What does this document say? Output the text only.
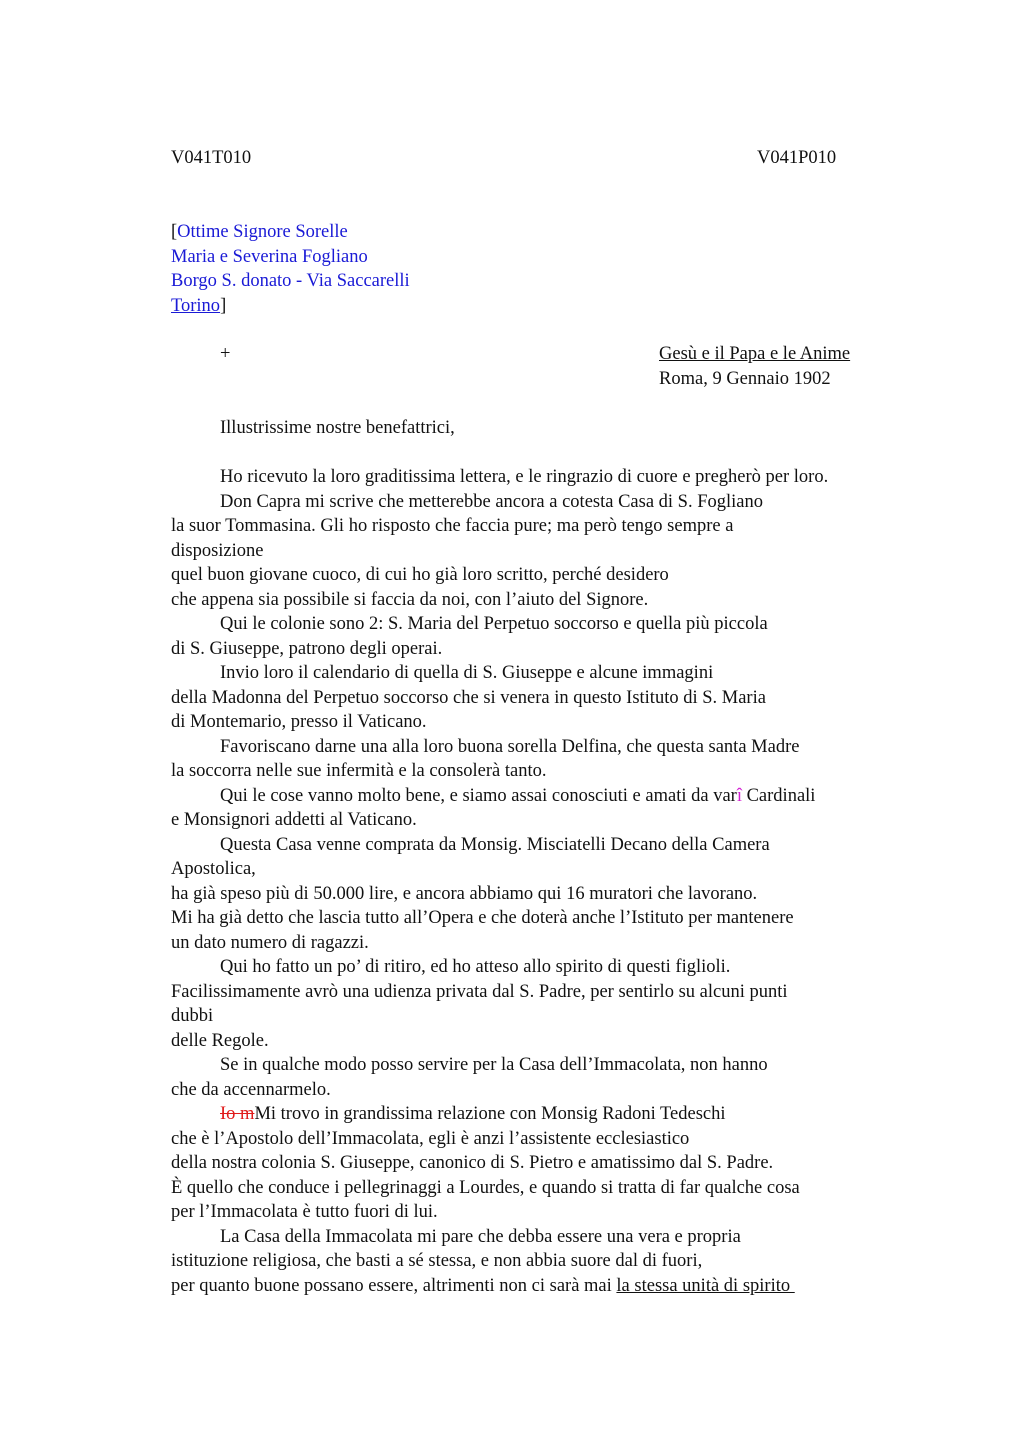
V041T010	V041P010
[Ottime Signore Sorelle
Maria e Severina Fogliano
Borgo S. donato - Via Saccarelli
Torino]
+	Gesù e il Papa e le Anime
Roma, 9 Gennaio 1902
Illustrissime nostre benefattrici,
Ho ricevuto la loro graditissima lettera, e le ringrazio di cuore e pregherò per loro.
Don Capra mi scrive che metterebbe ancora a cotesta Casa di S. Fogliano
la suor Tommasina. Gli ho risposto che faccia pure; ma però tengo sempre a
disposizione
quel buon giovane cuoco, di cui ho già loro scritto, perché desidero
che appena sia possibile si faccia da noi, con l’aiuto del Signore.
Qui le colonie sono 2: S. Maria del Perpetuo soccorso e quella più piccola
di S. Giuseppe, patrono degli operai.
Invio loro il calendario di quella di S. Giuseppe e alcune immagini
della Madonna del Perpetuo soccorso che si venera in questo Istituto di S. Maria
di Montemario, presso il Vaticano.
Favoriscano darne una alla loro buona sorella Delfina, che questa santa Madre
la soccorra nelle sue infermità e la consolerà tanto.
Qui le cose vanno molto bene, e siamo assai conosciuti e amati da varî Cardinali
e Monsignori addetti al Vaticano.
Questa Casa venne comprata da Monsig. Misciatelli Decano della Camera
Apostolica,
ha già speso più di 50.000 lire, e ancora abbiamo qui 16 muratori che lavorano.
Mi ha già detto che lascia tutto all’Opera e che doterà anche l’Istituto per mantenere
un dato numero di ragazzi.
Qui ho fatto un po’ di ritiro, ed ho atteso allo spirito di questi figlioli.
Facilissimamente avrò una udienza privata dal S. Padre, per sentirlo su alcuni punti
dubbi
delle Regole.
Se in qualche modo posso servire per la Casa dell’Immacolata, non hanno
che da accennarmelo.
Io mMi trovo in grandissima relazione con Monsig Radoni Tedeschi
che è l’Apostolo dell’Immacolata, egli è anzi l’assistente ecclesiastico
della nostra colonia S. Giuseppe, canonico di S. Pietro e amatissimo dal S. Padre.
È quello che conduce i pellegrinaggi a Lourdes, e quando si tratta di far qualche cosa
per l’Immacolata è tutto fuori di lui.
La Casa della Immacolata mi pare che debba essere una vera e propria
istituzione religiosa, che basti a sé stessa, e non abbia suore dal di fuori,
per quanto buone possano essere, altrimenti non ci sarà mai la stessa unità di spirito
